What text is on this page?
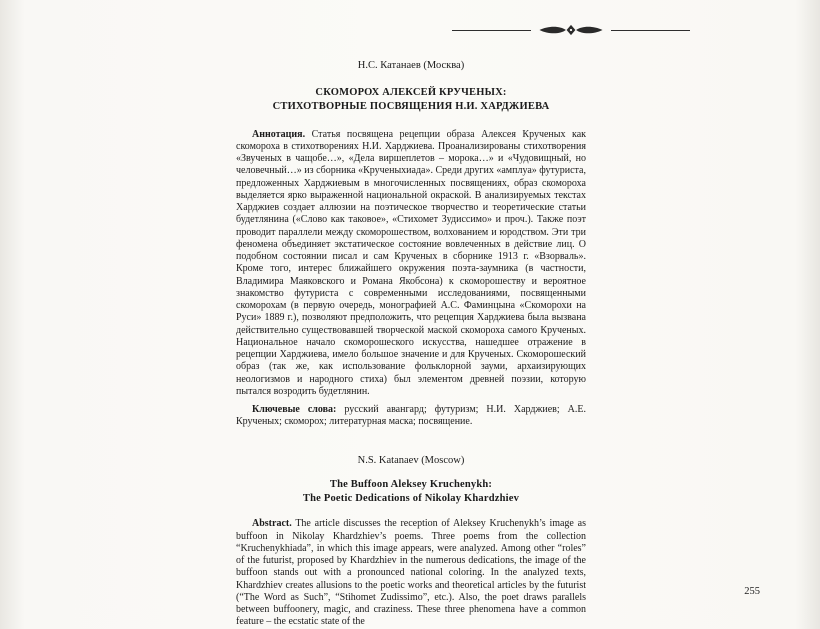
Н.С. Катанаев (Москва)
СКОМОРОХ АЛЕКСЕЙ КРУЧЕНЫХ:
СТИХОТВОРНЫЕ ПОСВЯЩЕНИЯ Н.И. ХАРДЖИЕВА

Аннотация. Статья посвящена рецепции образа Алексея Крученых как скомороха в стихотворениях Н.И. Харджиева. Проанализированы стихотворения «Звученых в чащобе…», «Дела виршеплетов – морока…» и «Чудовищный, но человечный…» из сборника «Крученыхиада». Среди других «амплуа» футуриста, предложенных Харджиевым в многочисленных посвящениях, образ скомороха выделяется ярко выраженной национальной окраской. В анализируемых текстах Харджиев создает аллюзии на поэтическое творчество и теоретические статьи будетлянина («Слово как таковое», «Стихомет Зудиссимо» и проч.). Также поэт проводит параллели между скоморошеством, волхованием и юродством. Эти три феномена объединяет экстатическое состояние вовлеченных в действие лиц. О подобном состоянии писал и сам Крученых в сборнике 1913 г. «Взорваль». Кроме того, интерес ближайшего окружения поэта-заумника (в частности, Владимира Маяковского и Романа Якобсона) к скоморошеству и вероятное знакомство футуриста с современными исследованиями, посвященными скоморохам (в первую очередь, монографией А.С. Фаминцына «Скоморохи на Руси» 1889 г.), позволяют предположить, что рецепция Харджиева была вызвана действительно существовавшей творческой маской скомороха самого Крученых. Национальное начало скоморошеского искусства, нашедшее отражение в рецепции Харджиева, имело большое значение и для Крученых. Скоморошеский образ (так же, как использование фольклорной зауми, архаизирующих неологизмов и народного стиха) был элементом древней поэзии, которую пытался возродить будетлянин.

Ключевые слова: русский авангард; футуризм; Н.И. Харджиев; А.Е. Крученых; скоморох; литературная маска; посвящение.

N.S. Katanaev (Moscow)
The Buffoon Aleksey Kruchenykh:
The Poetic Dedications of Nikolay Khardzhiev

Abstract. The article discusses the reception of Aleksey Kruchenykh’s image as buffoon in Nikolay Khardzhiev’s poems. Three poems from the collection “Kruchenykhiada”, in which this image appears, were analyzed. Among other “roles” of the futurist, proposed by Khardzhiev in the numerous dedications, the image of the buffoon stands out with a pronounced national coloring. In the analyzed texts, Khardzhiev creates allusions to the poetic works and theoretical articles by the futurist (“The Word as Such”, “Stihomet Zudissimo”, etc.). Also, the poet draws parallels between buffoonery, magic, and craziness. These three phenomena have a common feature – the ecstatic state of the

255
